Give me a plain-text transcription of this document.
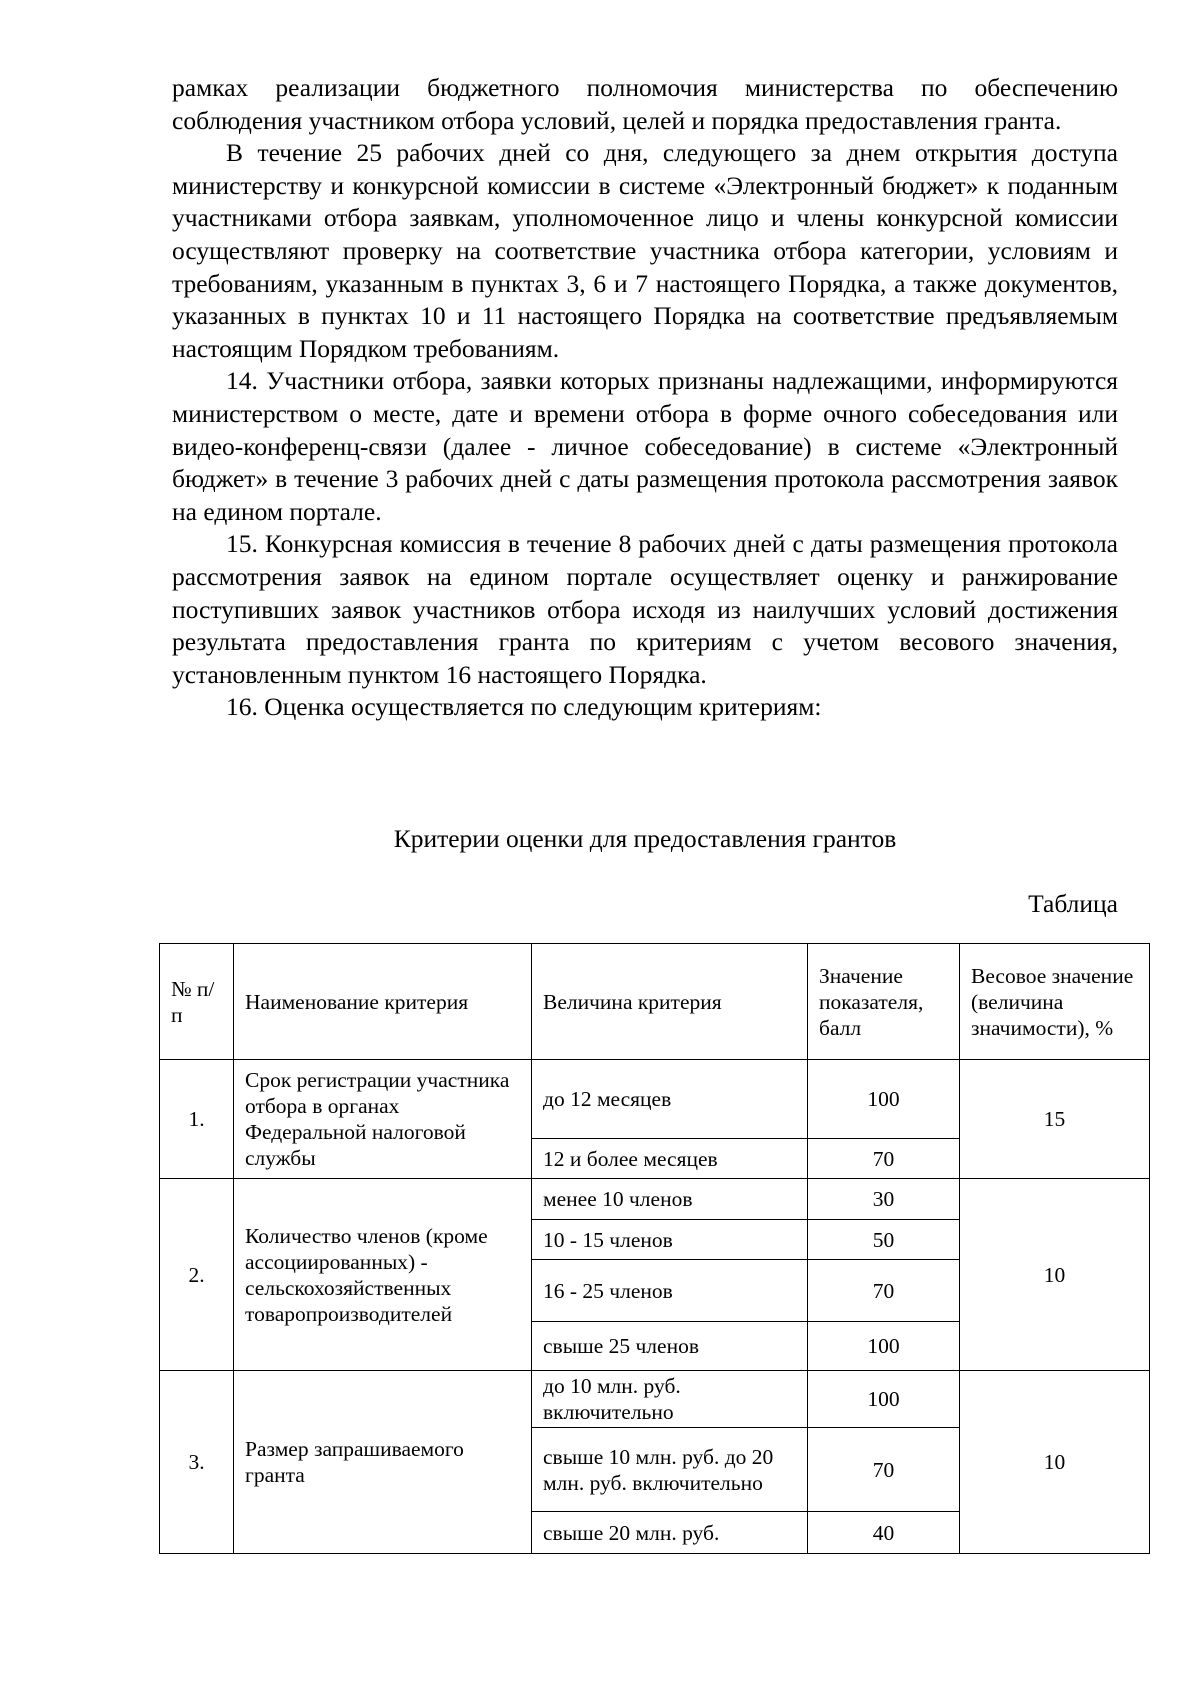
рамках реализации бюджетного полномочия министерства по обеспечению соблюдения участником отбора условий, целей и порядка предоставления гранта.

В течение 25 рабочих дней со дня, следующего за днем открытия доступа министерству и конкурсной комиссии в системе «Электронный бюджет» к поданным участниками отбора заявкам, уполномоченное лицо и члены конкурсной комиссии осуществляют проверку на соответствие участника отбора категории, условиям и требованиям, указанным в пунктах 3, 6 и 7 настоящего Порядка, а также документов, указанных в пунктах 10 и 11 настоящего Порядка на соответствие предъявляемым настоящим Порядком требованиям.

14. Участники отбора, заявки которых признаны надлежащими, информируются министерством о месте, дате и времени отбора в форме очного собеседования или видео-конференц-связи (далее - личное собеседование) в системе «Электронный бюджет» в течение 3 рабочих дней с даты размещения протокола рассмотрения заявок на едином портале.

15. Конкурсная комиссия в течение 8 рабочих дней с даты размещения протокола рассмотрения заявок на едином портале осуществляет оценку и ранжирование поступивших заявок участников отбора исходя из наилучших условий достижения результата предоставления гранта по критериям с учетом весового значения, установленным пунктом 16 настоящего Порядка.

16. Оценка осуществляется по следующим критериям:

Критерии оценки для предоставления грантов
Таблица
№ п/п	Наименование критерия	Величина критерия	Значение показателя, балл	Весовое значение (величина значимости), %
1.	Срок регистрации участника отбора в органах Федеральной налоговой службы	до 12 месяцев	100	15
		12 и более месяцев	70	
2.	Количество членов (кроме ассоциированных) - сельскохозяйственных товаропроизводителей	менее 10 членов	30	10
		10 - 15 членов	50	
		16 - 25 членов	70	
		свыше 25 членов	100	
3.	Размер запрашиваемого гранта	до 10 млн. руб. включительно	100	10
		свыше 10 млн. руб. до 20 млн. руб. включительно	70	
		свыше 20 млн. руб.	40	
